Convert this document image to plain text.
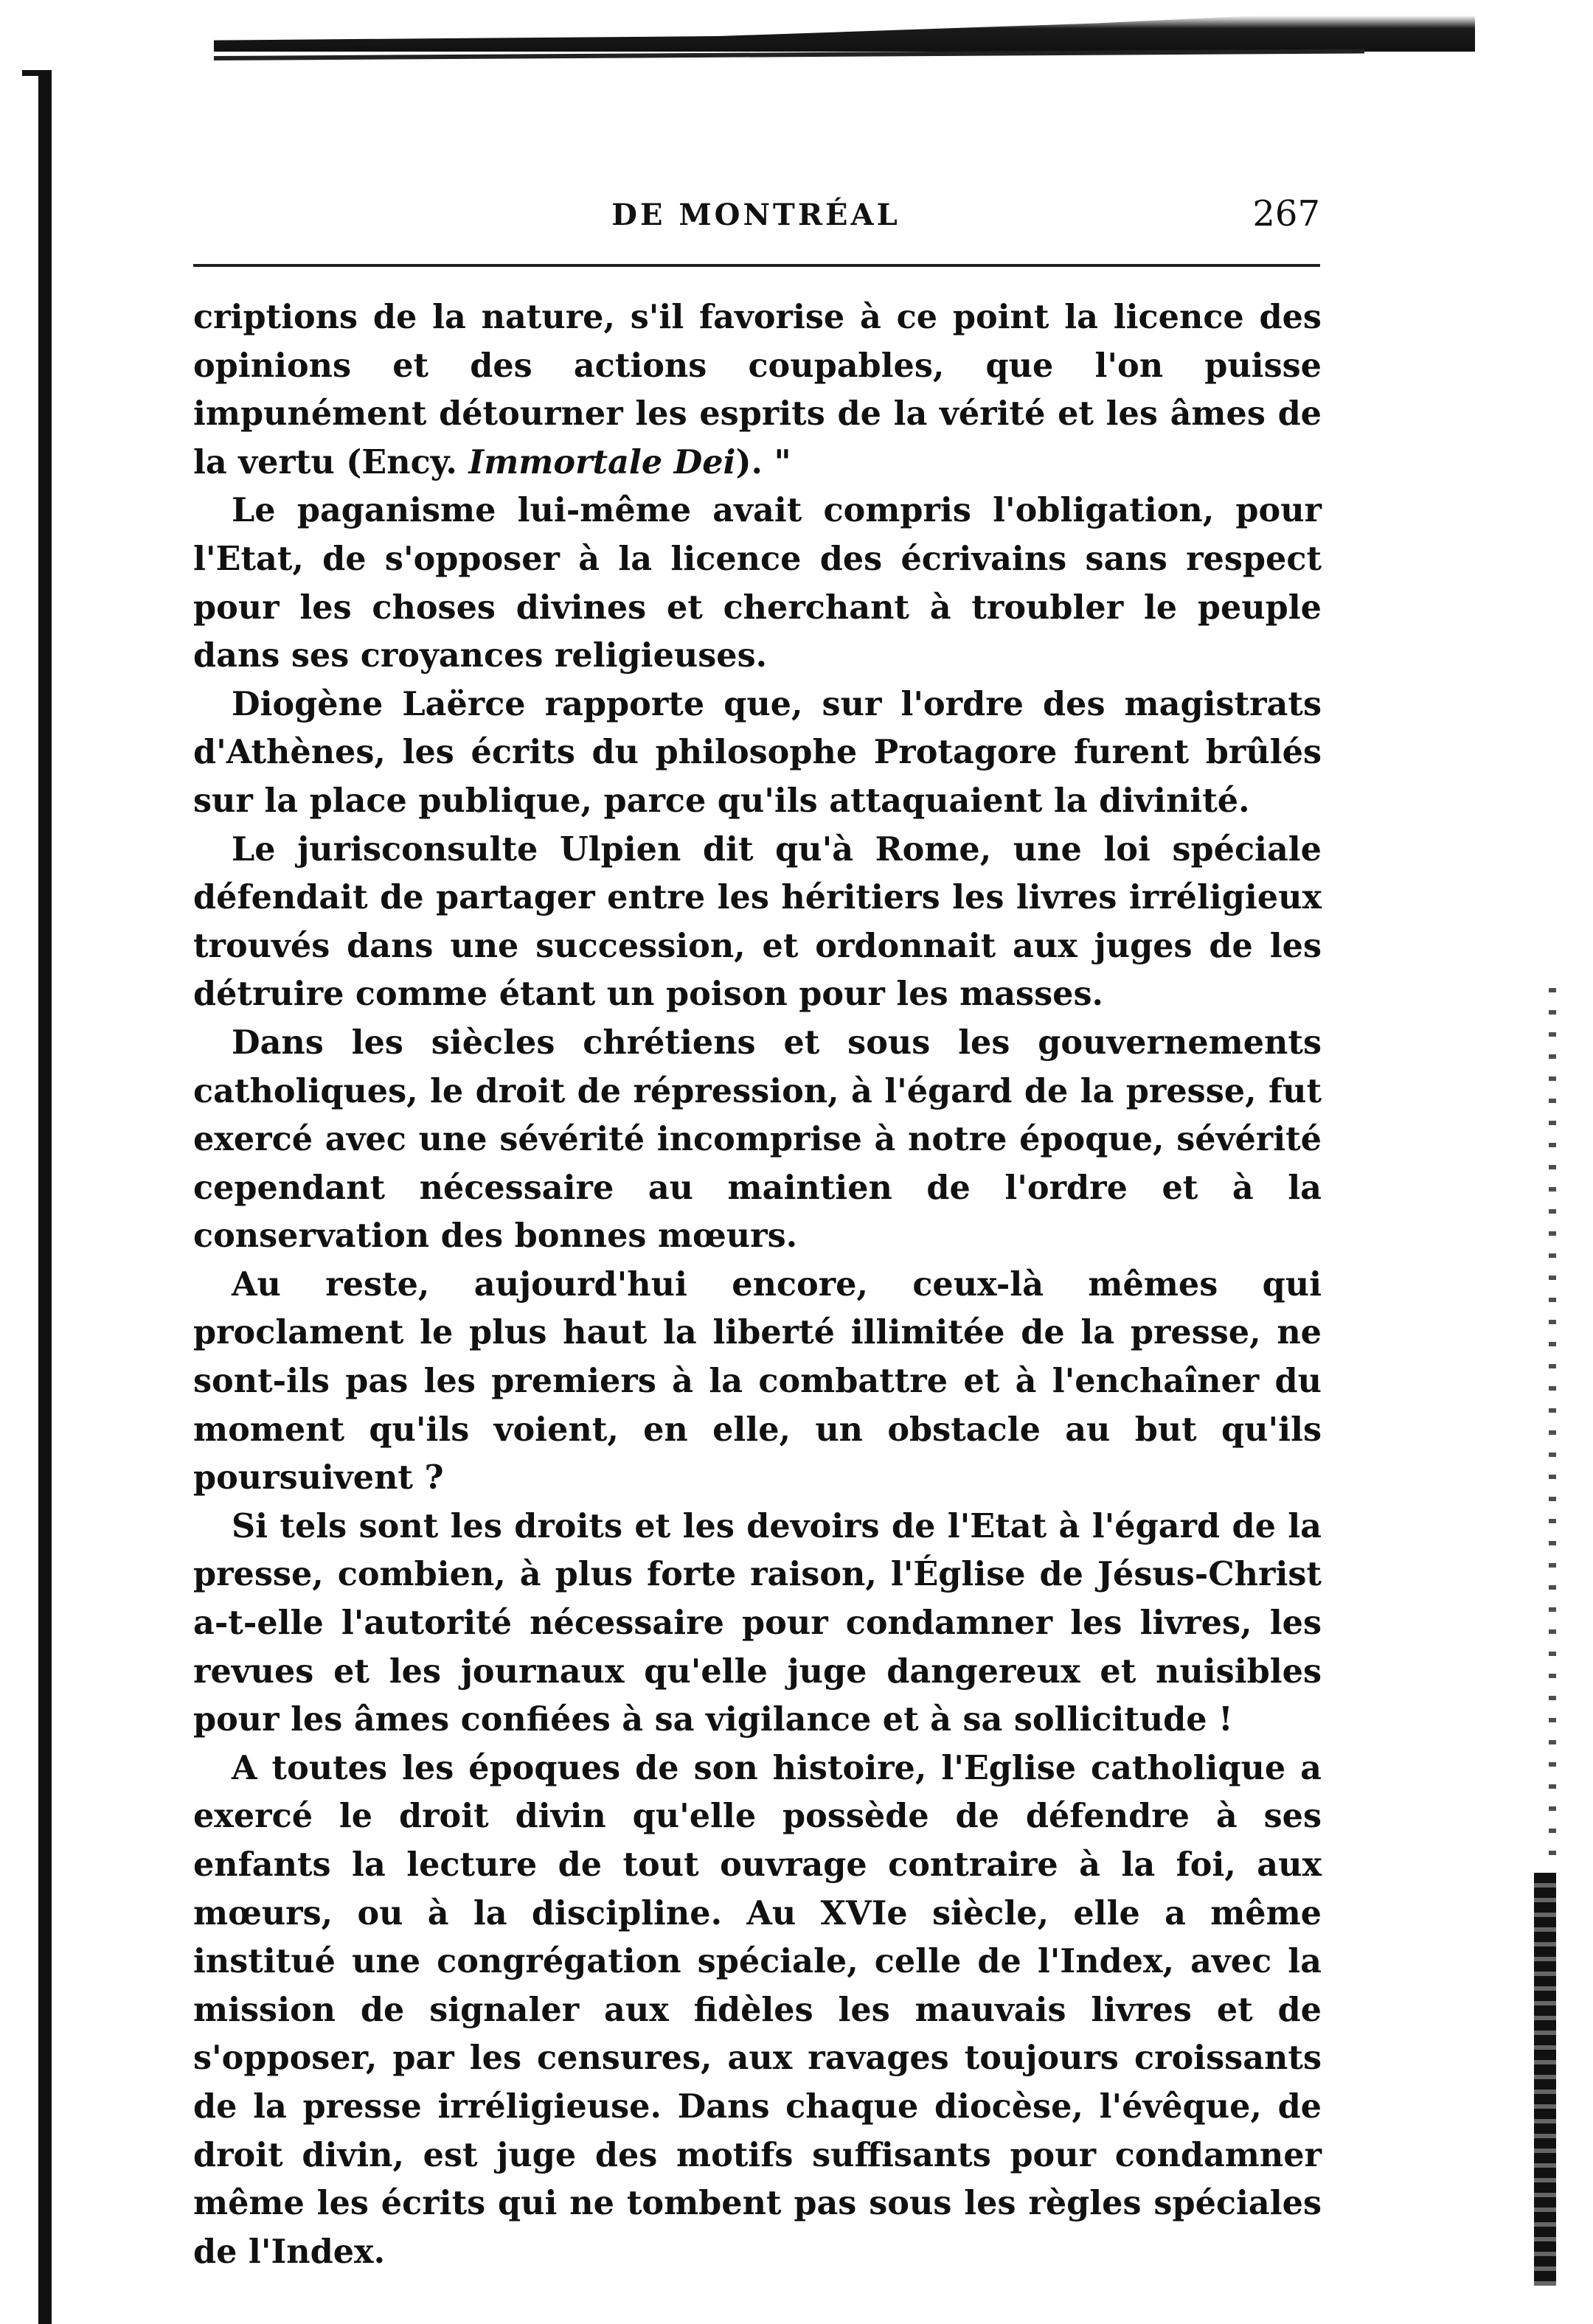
DE MONTRÉAL	267

criptions de la nature, s'il favorise à ce point la licence des opinions et des actions coupables, que l'on puisse impunément détourner les esprits de la vérité et les âmes de la vertu (Ency. Immortale Dei). "

Le paganisme lui-même avait compris l'obligation, pour l'Etat, de s'opposer à la licence des écrivains sans respect pour les choses divines et cherchant à troubler le peuple dans ses croyances religieuses.

Diogène Laërce rapporte que, sur l'ordre des magistrats d'Athènes, les écrits du philosophe Protagore furent brûlés sur la place publique, parce qu'ils attaquaient la divinité.

Le jurisconsulte Ulpien dit qu'à Rome, une loi spéciale défendait de partager entre les héritiers les livres irréligieux trouvés dans une succession, et ordonnait aux juges de les détruire comme étant un poison pour les masses.

Dans les siècles chrétiens et sous les gouvernements catholiques, le droit de répression, à l'égard de la presse, fut exercé avec une sévérité incomprise à notre époque, sévérité cependant nécessaire au maintien de l'ordre et à la conservation des bonnes mœurs.

Au reste, aujourd'hui encore, ceux-là mêmes qui proclament le plus haut la liberté illimitée de la presse, ne sont-ils pas les premiers à la combattre et à l'enchaîner du moment qu'ils voient, en elle, un obstacle au but qu'ils poursuivent ?

Si tels sont les droits et les devoirs de l'Etat à l'égard de la presse, combien, à plus forte raison, l'Église de Jésus-Christ a-t-elle l'autorité nécessaire pour condamner les livres, les revues et les journaux qu'elle juge dangereux et nuisibles pour les âmes confiées à sa vigilance et à sa sollicitude !

A toutes les époques de son histoire, l'Eglise catholique a exercé le droit divin qu'elle possède de défendre à ses enfants la lecture de tout ouvrage contraire à la foi, aux mœurs, ou à la discipline. Au XVIe siècle, elle a même institué une congrégation spéciale, celle de l'Index, avec la mission de signaler aux fidèles les mauvais livres et de s'opposer, par les censures, aux ravages toujours croissants de la presse irréligieuse. Dans chaque diocèse, l'évêque, de droit divin, est juge des motifs suffisants pour condamner même les écrits qui ne tombent pas sous les règles spéciales de l'Index.
